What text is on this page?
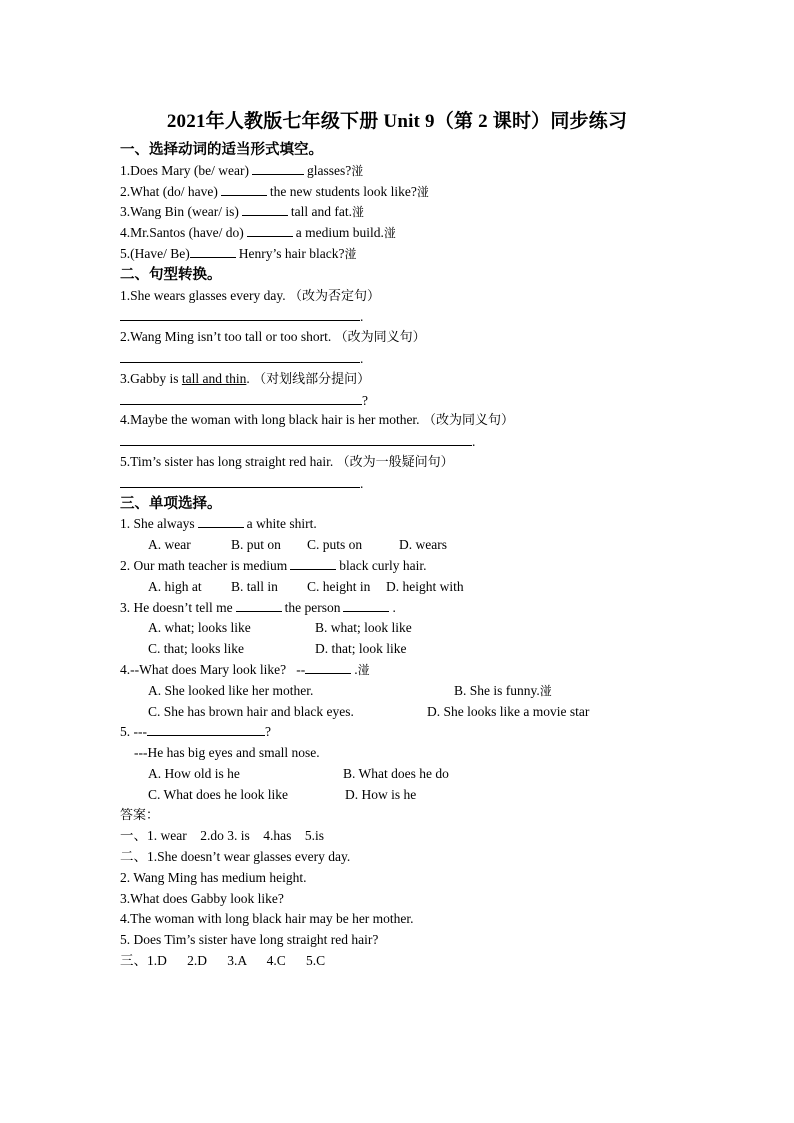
2021年人教版七年级下册 Unit 9（第 2 课时）同步练习
一、选择动词的适当形式填空。
1.Does Mary (be/ wear)	glasses?湴
2.What (do/ have)	the new students look like?湴
3.Wang Bin (wear/ is)	tall and fat.湴
4.Mr.Santos (have/ do)	a medium build.湴
5.(Have/ Be)	Henry’s hair black?湴
二、句型转换。
1.She wears glasses every day. （改为否定句）
.
2.Wang Ming isn’t too tall or too short. （改为同义句）
.
3.Gabby is tall and thin. （对划线部分提问）
?
4.Maybe the woman with long black hair is her mother. （改为同义句）
.
5.Tim’s sister has long straight red hair. （改为一般疑问句）
.
三、单项选择。
1. She always	a white shirt.
A. wear	B. put on C. puts on	D. wears
2. Our math teacher is medium	black curly hair.
A. high at B. tall in C. height in D. height with
3. He doesn’t tell me	the person	.
A. what; looks like	B. what; look like
C. that; looks like	D. that; look like
4.--What does Mary look like? --	.湴
A. She looked like her mother.	B. She is funny.湴
C. She has brown hair and black eyes.	D. She looks like a movie star
5. ---	?
---He has big eyes and small nose.
A. How old is he	B. What does he do
C. What does he look like	D. How is he
答案：
一、1. wear    2.do 3. is    4.has    5.is
二、1.She doesn’t wear glasses every day.
2. Wang Ming has medium height.
3.What does Gabby look like?
4.The woman with long black hair may be her mother.
5. Does Tim’s sister have long straight red hair?
三、1.D      2.D      3.A      4.C      5.C
